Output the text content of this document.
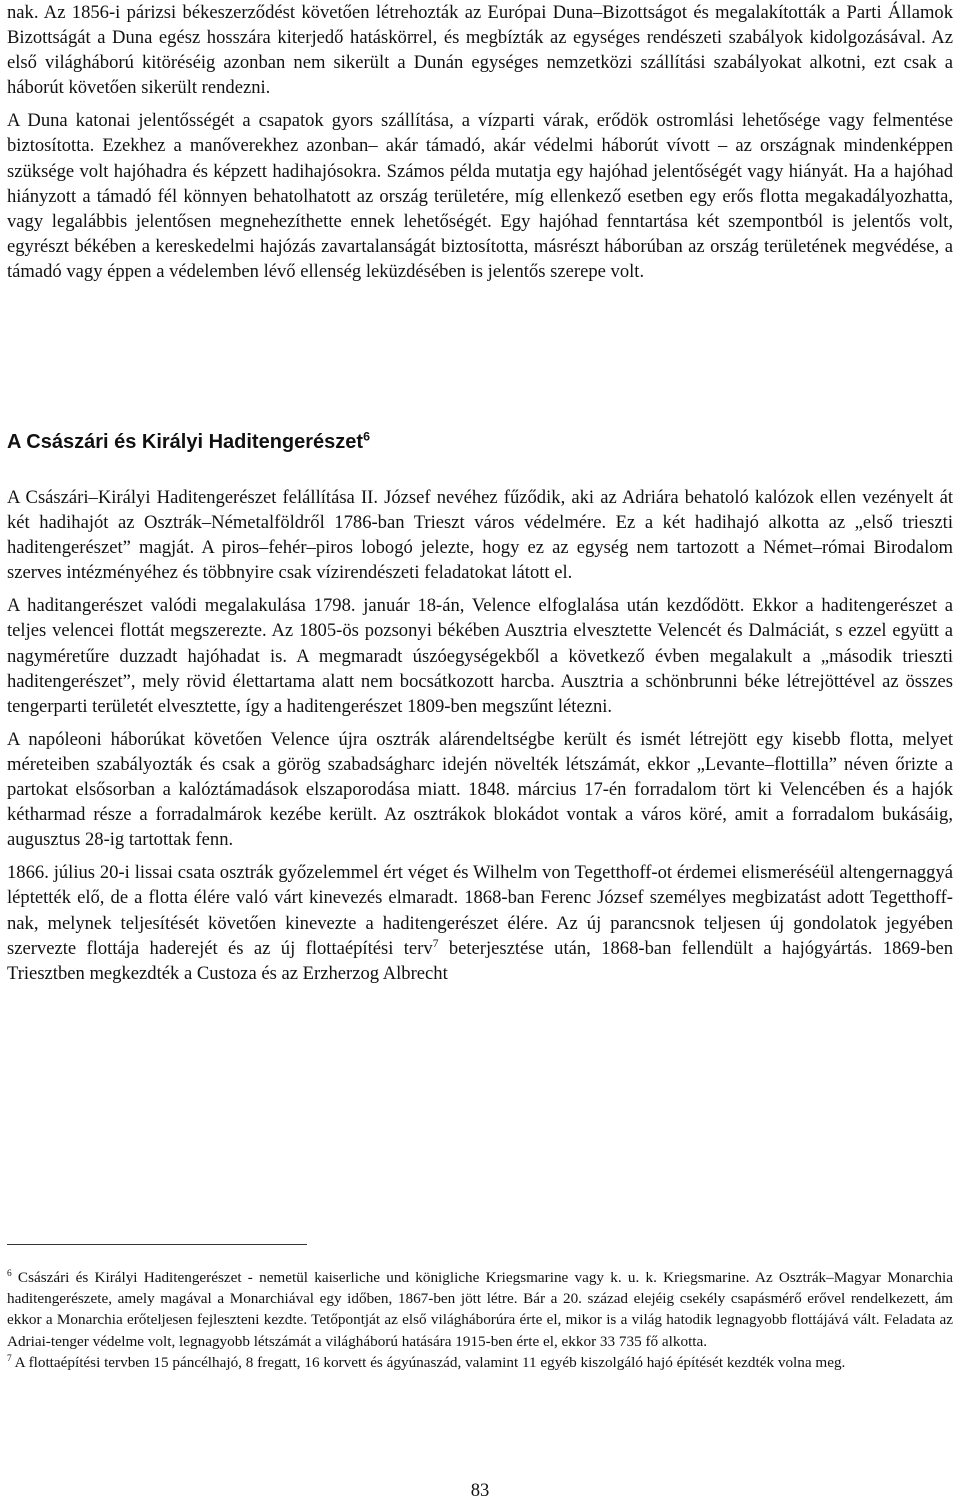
nak. Az 1856-i párizsi békeszerződést követően létrehozták az Európai Duna–Bizottságot és megalakították a Parti Államok Bizottságát a Duna egész hosszára kiterjedő hatáskörrel, és megbízták az egységes rendészeti szabályok kidolgozásával. Az első világháború kitöréséig azonban nem sikerült a Dunán egységes nemzetközi szállítási szabályokat alkotni, ezt csak a háborút követően sikerült rendezni.

A Duna katonai jelentősségét a csapatok gyors szállítása, a vízparti várak, erődök ostromlási lehetősége vagy felmentése biztosította. Ezekhez a manőverekhez azonban– akár támadó, akár védelmi háborút vívott – az országnak mindenképpen szüksége volt hajóhadra és képzett hadihajósokra. Számos példa mutatja egy hajóhad jelentőségét vagy hiányát. Ha a hajóhad hiányzott a támadó fél könnyen behatolhatott az ország területére, míg ellenkező esetben egy erős flotta megakadályozhatta, vagy legalábbis jelentősen megnehezíthette ennek lehetőségét. Egy hajóhad fenntartása két szempontból is jelentős volt, egyrészt békében a kereskedelmi hajózás zavartalanságát biztosította, másrészt háborúban az ország területének megvédése, a támadó vagy éppen a védelemben lévő ellenség leküzdésében is jelentős szerepe volt.

A Császári és Királyi Haditengerészet$^6$

A Császári–Királyi Haditengerészet felállítása II. József nevéhez fűződik, aki az Adriára behatoló kalózok ellen vezényelt át két hadihajót az Osztrák–Németalföldről 1786-ban Trieszt város védelmére. Ez a két hadihajó alkotta az „első trieszti haditengerészet” magját. A piros–fehér–piros lobogó jelezte, hogy ez az egység nem tartozott a Német–római Birodalom szerves intézményéhez és többnyire csak vízirendészeti feladatokat látott el.

A haditangerészet valódi megalakulása 1798. január 18-án, Velence elfoglalása után kezdődött. Ekkor a haditengerészet a teljes velencei flottát megszerezte. Az 1805-ös pozsonyi békében Ausztria elvesztette Velencét és Dalmáciát, s ezzel együtt a nagyméretűre duzzadt hajóhadat is. A megmaradt úszóegységekből a következő évben megalakult a „második trieszti haditengerészet”, mely rövid élettartama alatt nem bocsátkozott harcba. Ausztria a schönbrunni béke létrejöttével az összes tengerparti területét elvesztette, így a haditengerészet 1809-ben megszűnt létezni.

A napóleoni háborúkat követően Velence újra osztrák alárendeltségbe került és ismét létrejött egy kisebb flotta, melyet méreteiben szabályozták és csak a görög szabadságharc idején növelték létszámát, ekkor „Levante–flottilla” néven őrizte a partokat elsősorban a kalóztámadások elszaporodása miatt. 1848. március 17-én forradalom tört ki Velencében és a hajók kétharmad része a forradalmárok kezébe került. Az osztrákok blokádot vontak a város köré, amit a forradalom bukásáig, augusztus 28-ig tartottak fenn.

1866. július 20-i lissai csata osztrák győzelemmel ért véget és Wilhelm von Tegetthoff-ot érdemei elismeréséül altengernaggyá léptették elő, de a flotta élére való várt kinevezés elmaradt. 1868-ban Ferenc József személyes megbizatást adott Tegetthoff-nak, melynek teljesítését követően kinevezte a haditengerészet élére. Az új parancsnok teljesen új gondolatok jegyében szervezte flottája haderejét és az új flottaépítési terv$^7$ beterjesztése után, 1868-ban fellendült a hajógyártás. 1869-ben Triesztben megkezdték a Custoza és az Erzherzog Albrecht

$^6$ Császári és Királyi Haditengerészet - nemetül kaiserliche und königliche Kriegsmarine vagy k. u. k. Kriegsmarine. Az Osztrák–Magyar Monarchia haditengerészete, amely magával a Monarchiával egy időben, 1867-ben jött létre. Bár a 20. század elejéig csekély csapásmérő erővel rendelkezett, ám ekkor a Monarchia erőteljesen fejleszteni kezdte. Tetőpontját az első világháborúra érte el, mikor is a világ hatodik legnagyobb flottájává vált. Feladata az Adriai-tenger védelme volt, legnagyobb létszámát a világháború hatására 1915-ben érte el, ekkor 33 735 fő alkotta.

$^7$ A flottaépítési tervben 15 páncélhajó, 8 fregatt, 16 korvett és ágyúnaszád, valamint 11 egyéb kiszolgáló hajó építését kezdték volna meg.

83
